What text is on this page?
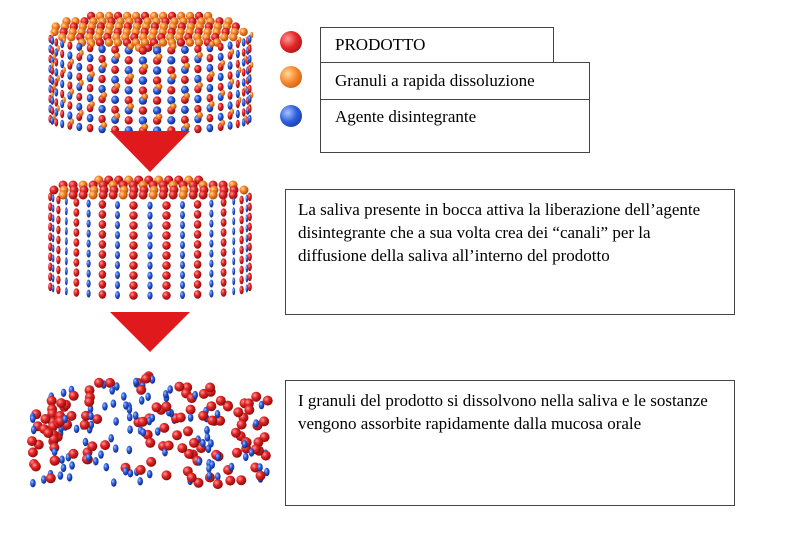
PRODOTTO
Granuli a rapida dissoluzione
Agente disintegrante
La saliva presente in bocca attiva la liberazione dell’agente disintegrante che a sua volta crea dei “canali” per la diffusione della saliva all’interno del prodotto
I granuli del prodotto si dissolvono nella saliva e le sostanze vengono assorbite rapidamente dalla mucosa orale
